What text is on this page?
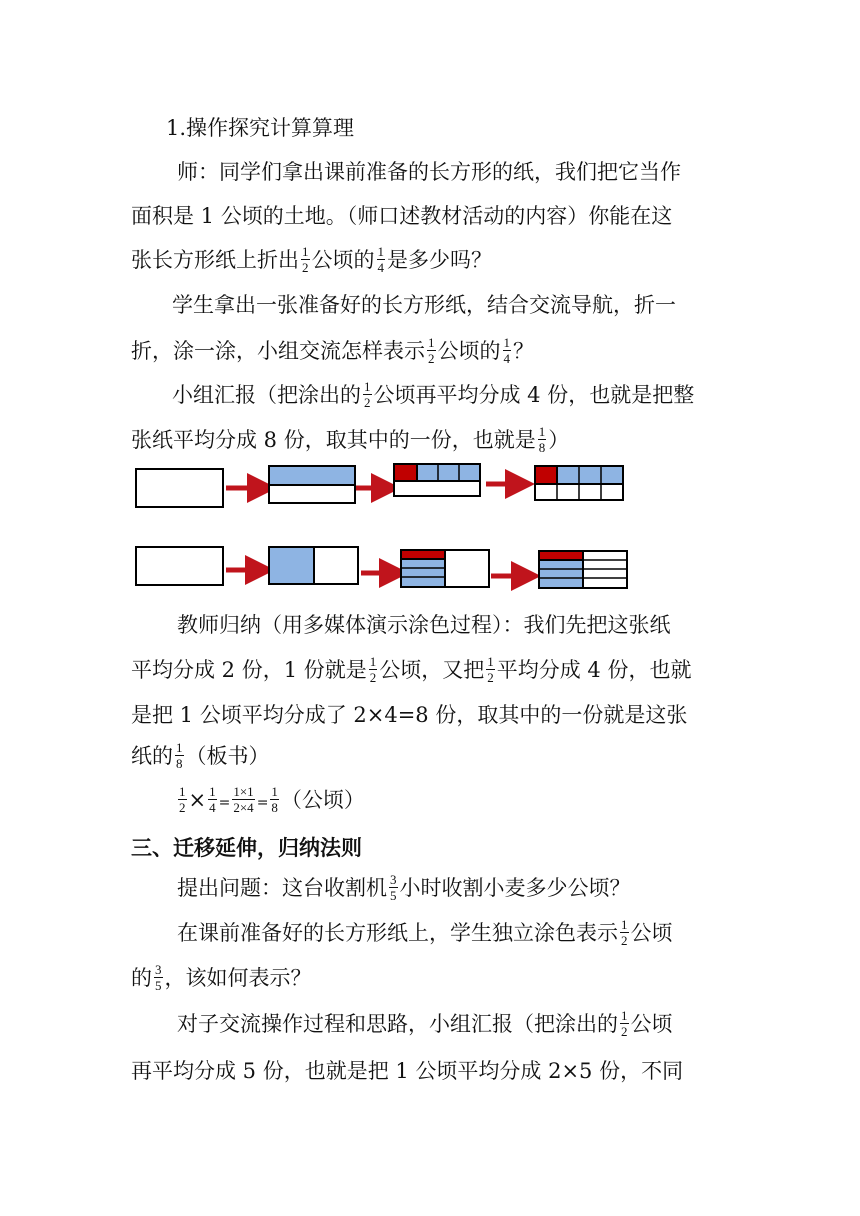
1.操作探究计算算理
师：同学们拿出课前准备的长方形的纸，我们把它当作
面积是 1 公顷的土地。（师口述教材活动的内容）你能在这
张长方形纸上折出 $\frac{1}{2}$ 公顷的 $\frac{1}{4}$ 是多少吗？
学生拿出一张准备好的长方形纸，结合交流导航，折一
折，涂一涂，小组交流怎样表示 $\frac{1}{2}$ 公顷的 $\frac{1}{4}$ ？
小组汇报（把涂出的 $\frac{1}{2}$ 公顷再平均分成 4 份，也就是把整
张纸平均分成 8 份，取其中的一份，也就是 $\frac{1}{8}$ ）
教师归纳（用多媒体演示涂色过程）：我们先把这张纸
平均分成 2 份，1 份就是 $\frac{1}{2}$ 公顷，又把 $\frac{1}{2}$ 平均分成 4 份，也就
是把 1 公顷平均分成了 2×4=8 份，取其中的一份就是这张
纸的 $\frac{1}{8}$ （板书）
$\frac{1}{2} \times \frac{1}{4} = \frac{1\times 1}{2\times 4} = \frac{1}{8}$ （公顷）
三、迁移延伸，归纳法则
提出问题：这台收割机 $\frac{3}{5}$ 小时收割小麦多少公顷？
在课前准备好的长方形纸上，学生独立涂色表示 $\frac{1}{2}$ 公顷
的 $\frac{3}{5}$ ，该如何表示？
对子交流操作过程和思路，小组汇报（把涂出的 $\frac{1}{2}$ 公顷
再平均分成 5 份，也就是把 1 公顷平均分成 2×5 份，不同
